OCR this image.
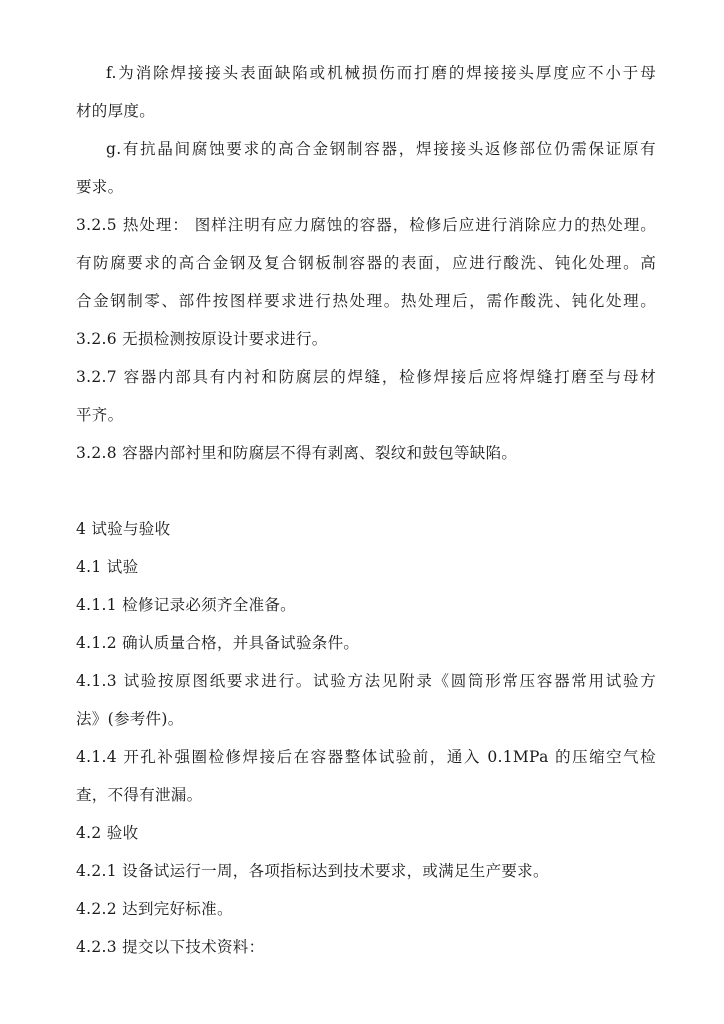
f.为消除焊接接头表面缺陷或机械损伤而打磨的焊接接头厚度应不小于母
材的厚度。
g.有抗晶间腐蚀要求的高合金钢制容器，焊接接头返修部位仍需保证原有
要求。
3.2.5 热处理： 图样注明有应力腐蚀的容器，检修后应进行消除应力的热处理。
有防腐要求的高合金钢及复合钢板制容器的表面，应进行酸洗、钝化处理。高
合金钢制零、部件按图样要求进行热处理。热处理后，需作酸洗、钝化处理。
3.2.6 无损检测按原设计要求进行。
3.2.7 容器内部具有内衬和防腐层的焊缝，检修焊接后应将焊缝打磨至与母材
平齐。
3.2.8 容器内部衬里和防腐层不得有剥离、裂纹和鼓包等缺陷。
4 试验与验收
4.1 试验
4.1.1 检修记录必须齐全准备。
4.1.2 确认质量合格，并具备试验条件。
4.1.3 试验按原图纸要求进行。试验方法见附录《圆筒形常压容器常用试验方
法》(参考件)。
4.1.4 开孔补强圈检修焊接后在容器整体试验前，通入 0.1MPa 的压缩空气检
查，不得有泄漏。
4.2 验收
4.2.1 设备试运行一周，各项指标达到技术要求，或满足生产要求。
4.2.2 达到完好标准。
4.2.3 提交以下技术资料：
